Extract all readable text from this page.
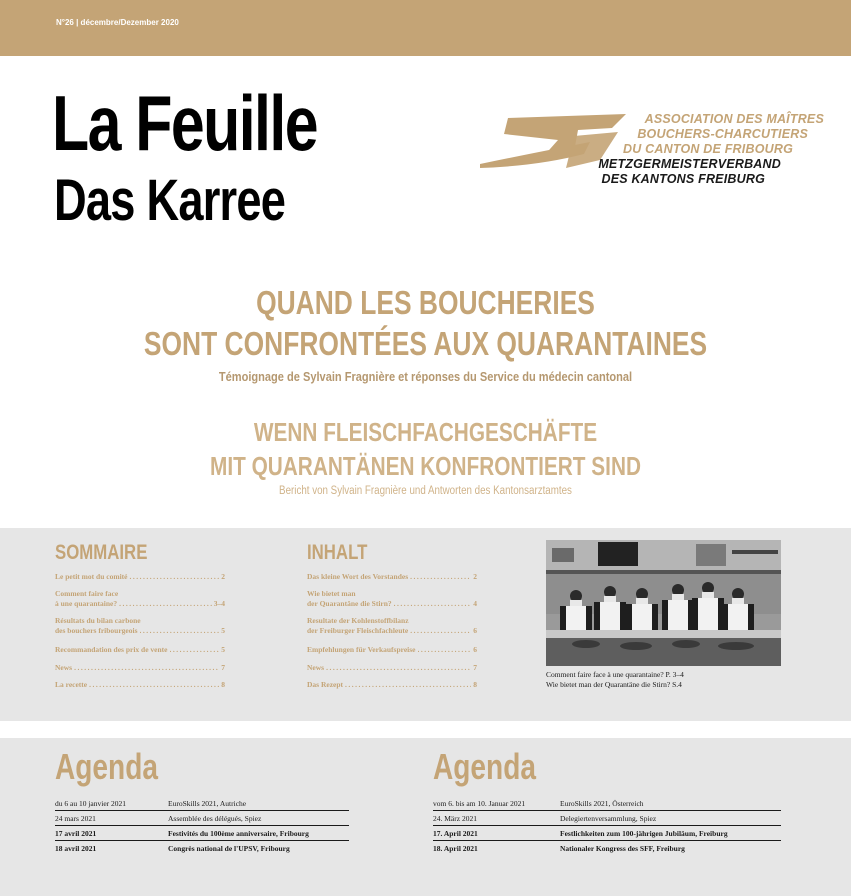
N°26 | décembre/Dezember 2020
La Feuille
Das Karree
ASSOCIATION DES MAÎTRES
BOUCHERS-CHARCUTIERS
DU CANTON DE FRIBOURG
METZGERMEISTERVERBAND
DES KANTONS FREIBURG
QUAND LES BOUCHERIES
SONT CONFRONTÉES AUX QUARANTAINES
Témoignage de Sylvain Fragnière et réponses du Service du médecin cantonal
WENN FLEISCHFACHGESCHÄFTE
MIT QUARANTÄNEN KONFRONTIERT SIND
Bericht von Sylvain Fragnière und Antworten des Kantonsarztamtes
SOMMAIRE
Le petit mot du comité .....	2
Comment faire face
à une quarantaine? .....	3–4
Résultats du bilan carbone
des bouchers fribourgeois .....	5
Recommandation des prix de vente .....	5
News .....	7
La recette .....	8
INHALT
Das kleine Wort des Vorstandes .....	2
Wie bietet man
der Quarantäne die Stirn? .....	4
Resultate der Kohlenstoffbilanz
der Freiburger Fleischfachleute .....	6
Empfehlungen für Verkaufspreise .....	6
News .....	7
Das Rezept .....	8
Comment faire face à une quarantaine? P. 3–4
Wie bietet man der Quarantäne die Stirn? S.4
Agenda
du 6 au 10 janvier 2021	EuroSkills 2021, Autriche
24 mars 2021	Assemblée des délégués, Spiez
17 avril 2021	Festivités du 100ème anniversaire, Fribourg
18 avril 2021	Congrès national de l'UPSV, Fribourg
Agenda
vom 6. bis am 10. Januar 2021	EuroSkills 2021, Österreich
24. März 2021	Delegiertenversammlung, Spiez
17. April 2021	Festlichkeiten zum 100-jährigen Jubiläum, Freiburg
18. April 2021	Nationaler Kongress des SFF, Freiburg
